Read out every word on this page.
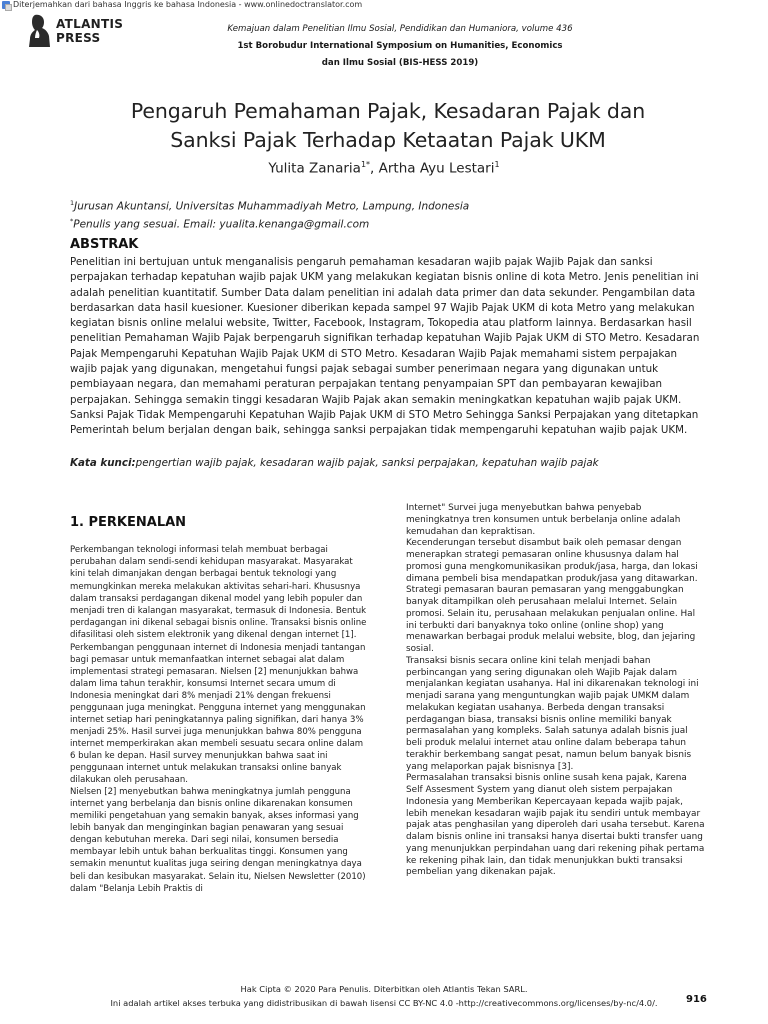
Diterjemahkan dari bahasa Inggris ke bahasa Indonesia - www.onlinedoctranslator.com
ATLANTIS
PRESS
Kemajuan dalam Penelitian Ilmu Sosial, Pendidikan dan Humaniora, volume 436
1st Borobudur International Symposium on Humanities, Economics
dan Ilmu Sosial (BIS-HESS 2019)
Pengaruh Pemahaman Pajak, Kesadaran Pajak dan
Sanksi Pajak Terhadap Ketaatan Pajak UKM
Yulita Zanaria$^{1*}$, Artha Ayu Lestari$^1$
$^1$Jurusan Akuntansi, Universitas Muhammadiyah Metro, Lampung, Indonesia
*Penulis yang sesuai. Email: yualita.kenanga@gmail.com
ABSTRAK
Penelitian ini bertujuan untuk menganalisis pengaruh pemahaman kesadaran wajib pajak Wajib Pajak dan sanksi perpajakan terhadap kepatuhan wajib pajak UKM yang melakukan kegiatan bisnis online di kota Metro. Jenis penelitian ini adalah penelitian kuantitatif. Sumber Data dalam penelitian ini adalah data primer dan data sekunder. Pengambilan data berdasarkan data hasil kuesioner. Kuesioner diberikan kepada sampel 97 Wajib Pajak UKM di kota Metro yang melakukan kegiatan bisnis online melalui website, Twitter, Facebook, Instagram, Tokopedia atau platform lainnya. Berdasarkan hasil penelitian Pemahaman Wajib Pajak berpengaruh signifikan terhadap kepatuhan Wajib Pajak UKM di STO Metro. Kesadaran Pajak Mempengaruhi Kepatuhan Wajib Pajak UKM di STO Metro. Kesadaran Wajib Pajak memahami sistem perpajakan wajib pajak yang digunakan, mengetahui fungsi pajak sebagai sumber penerimaan negara yang digunakan untuk pembiayaan negara, dan memahami peraturan perpajakan tentang penyampaian SPT dan pembayaran kewajiban perpajakan. Sehingga semakin tinggi kesadaran Wajib Pajak akan semakin meningkatkan kepatuhan wajib pajak UKM. Sanksi Pajak Tidak Mempengaruhi Kepatuhan Wajib Pajak UKM di STO Metro Sehingga Sanksi Perpajakan yang ditetapkan Pemerintah belum berjalan dengan baik, sehingga sanksi perpajakan tidak mempengaruhi kepatuhan wajib pajak UKM.
Kata kunci:pengertian wajib pajak, kesadaran wajib pajak, sanksi perpajakan, kepatuhan wajib pajak
1. PERKENALAN

Perkembangan teknologi informasi telah membuat berbagai perubahan dalam sendi-sendi kehidupan masyarakat. Masyarakat kini telah dimanjakan dengan berbagai bentuk teknologi yang memungkinkan mereka melakukan aktivitas sehari-hari. Khususnya dalam transaksi perdagangan dikenal model yang lebih populer dan menjadi tren di kalangan masyarakat, termasuk di Indonesia. Bentuk perdagangan ini dikenal sebagai bisnis online. Transaksi bisnis online difasilitasi oleh sistem elektronik yang dikenal dengan internet [1].

Perkembangan penggunaan internet di Indonesia menjadi tantangan bagi pemasar untuk memanfaatkan internet sebagai alat dalam implementasi strategi pemasaran. Nielsen [2] menunjukkan bahwa dalam lima tahun terakhir, konsumsi Internet secara umum di Indonesia meningkat dari 8% menjadi 21% dengan frekuensi penggunaan juga meningkat. Pengguna internet yang menggunakan internet setiap hari peningkatannya paling signifikan, dari hanya 3% menjadi 25%. Hasil survei juga menunjukkan bahwa 80% pengguna internet memperkirakan akan membeli sesuatu secara online dalam 6 bulan ke depan. Hasil survey menunjukkan bahwa saat ini penggunaan internet untuk melakukan transaksi online banyak dilakukan oleh perusahaan.

Nielsen [2] menyebutkan bahwa meningkatnya jumlah pengguna internet yang berbelanja dan bisnis online dikarenakan konsumen memiliki pengetahuan yang semakin banyak, akses informasi yang lebih banyak dan menginginkan bagian penawaran yang sesuai dengan kebutuhan mereka. Dari segi nilai, konsumen bersedia membayar lebih untuk bahan berkualitas tinggi. Konsumen yang semakin menuntut kualitas juga seiring dengan meningkatnya daya beli dan kesibukan masyarakat. Selain itu, Nielsen Newsletter (2010) dalam "Belanja Lebih Praktis di

Internet" Survei juga menyebutkan bahwa penyebab meningkatnya tren konsumen untuk berbelanja online adalah kemudahan dan kepraktisan.

Kecenderungan tersebut disambut baik oleh pemasar dengan menerapkan strategi pemasaran online khususnya dalam hal promosi guna mengkomunikasikan produk/jasa, harga, dan lokasi dimana pembeli bisa mendapatkan produk/jasa yang ditawarkan. Strategi pemasaran bauran pemasaran yang menggabungkan banyak ditampilkan oleh perusahaan melalui Internet. Selain promosi. Selain itu, perusahaan melakukan penjualan online. Hal ini terbukti dari banyaknya toko online (online shop) yang menawarkan berbagai produk melalui website, blog, dan jejaring sosial.

Transaksi bisnis secara online kini telah menjadi bahan perbincangan yang sering digunakan oleh Wajib Pajak dalam menjalankan kegiatan usahanya. Hal ini dikarenakan teknologi ini menjadi sarana yang menguntungkan wajib pajak UMKM dalam melakukan kegiatan usahanya. Berbeda dengan transaksi perdagangan biasa, transaksi bisnis online memiliki banyak permasalahan yang kompleks. Salah satunya adalah bisnis jual beli produk melalui internet atau online dalam beberapa tahun terakhir berkembang sangat pesat, namun belum banyak bisnis yang melaporkan pajak bisnisnya [3].

Permasalahan transaksi bisnis online susah kena pajak, Karena Self Assesment System yang dianut oleh sistem perpajakan Indonesia yang Memberikan Kepercayaan kepada wajib pajak, lebih menekan kesadaran wajib pajak itu sendiri untuk membayar pajak atas penghasilan yang diperoleh dari usaha tersebut. Karena dalam bisnis online ini transaksi hanya disertai bukti transfer uang yang menunjukkan perpindahan uang dari rekening pihak pertama ke rekening pihak lain, dan tidak menunjukkan bukti transaksi pembelian yang dikenakan pajak.

Hak Cipta © 2020 Para Penulis. Diterbitkan oleh Atlantis Tekan SARL.
Ini adalah artikel akses terbuka yang didistribusikan di bawah lisensi CC BY-NC 4.0 -http://creativecommons.org/licenses/by-nc/4.0/.	916
